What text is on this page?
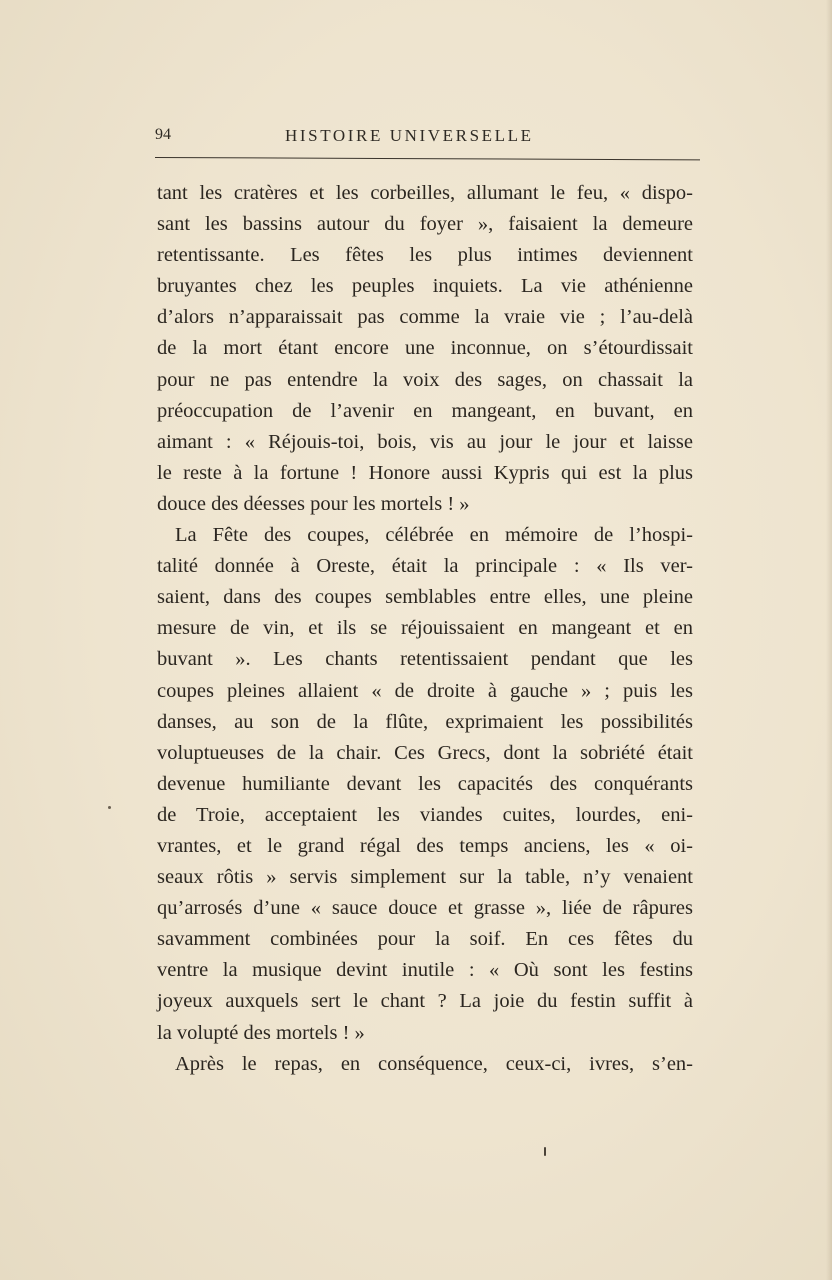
94	HISTOIRE UNIVERSELLE
tant les cratères et les corbeilles, allumant le feu, « dispo-
sant les bassins autour du foyer », faisaient la demeure
retentissante. Les fêtes les plus intimes deviennent
bruyantes chez les peuples inquiets. La vie athénienne
d’alors n’apparaissait pas comme la vraie vie ; l’au-delà
de la mort étant encore une inconnue, on s’étourdissait
pour ne pas entendre la voix des sages, on chassait la
préoccupation de l’avenir en mangeant, en buvant, en
aimant : « Réjouis-toi, bois, vis au jour le jour et laisse
le reste à la fortune ! Honore aussi Kypris qui est la plus
douce des déesses pour les mortels ! »
La Fête des coupes, célébrée en mémoire de l’hospi-
talité donnée à Oreste, était la principale : « Ils ver-
saient, dans des coupes semblables entre elles, une pleine
mesure de vin, et ils se réjouissaient en mangeant et en
buvant ». Les chants retentissaient pendant que les
coupes pleines allaient « de droite à gauche » ; puis les
danses, au son de la flûte, exprimaient les possibilités
voluptueuses de la chair. Ces Grecs, dont la sobriété était
devenue humiliante devant les capacités des conquérants
de Troie, acceptaient les viandes cuites, lourdes, eni-
vrantes, et le grand régal des temps anciens, les « oi-
seaux rôtis » servis simplement sur la table, n’y venaient
qu’arrosés d’une « sauce douce et grasse », liée de râpures
savamment combinées pour la soif. En ces fêtes du
ventre la musique devint inutile : « Où sont les festins
joyeux auxquels sert le chant ? La joie du festin suffit à
la volupté des mortels ! »
Après le repas, en conséquence, ceux-ci, ivres, s’en-
